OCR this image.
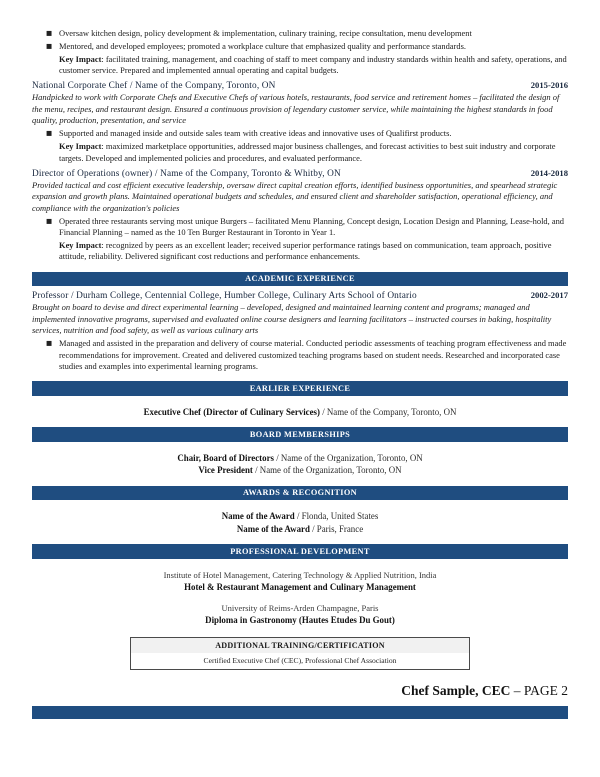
■ Oversaw kitchen design, policy development & implementation, culinary training, recipe consultation, menu development
■ Mentored, and developed employees; promoted a workplace culture that emphasized quality and performance standards.
Key Impact: facilitated training, management, and coaching of staff to meet company and industry standards within health and safety, operations, and customer service. Prepared and implemented annual operating and capital budgets.
National Corporate Chef / Name of the Company, Toronto, ON	2015-2016
Handpicked to work with Corporate Chefs and Executive Chefs of various hotels, restaurants, food service and retirement homes – facilitated the design of the menu, recipes, and restaurant design. Ensured a continuous provision of legendary customer service, while maintaining the highest standards in food quality, production, presentation, and service
■ Supported and managed inside and outside sales team with creative ideas and innovative uses of Qualifirst products.
Key Impact: maximized marketplace opportunities, addressed major business challenges, and forecast activities to best suit industry and corporate targets. Developed and implemented policies and procedures, and evaluated performance.
Director of Operations (owner) / Name of the Company, Toronto & Whitby, ON	2014-2018
Provided tactical and cost efficient executive leadership, oversaw direct capital creation efforts, identified business opportunities, and spearhead strategic expansion and growth plans. Maintained operational budgets and schedules, and ensured client and shareholder satisfaction, operational efficiency, and compliance with the organization's policies
■ Operated three restaurants serving most unique Burgers – facilitated Menu Planning, Concept design, Location Design and Planning, Lease-hold, and Financial Planning – named as the 10 Ten Burger Restaurant in Toronto in Year 1.
Key Impact: recognized by peers as an excellent leader; received superior performance ratings based on communication, team approach, positive attitude, reliability. Delivered significant cost reductions and performance enhancements.
ACADEMIC EXPERIENCE
Professor / Durham College, Centennial College, Humber College, Culinary Arts School of Ontario	2002-2017
Brought on board to devise and direct experimental learning – developed, designed and maintained learning content and programs; managed and implemented innovative programs, supervised and evaluated online course designers and learning facilitators – instructed courses in baking, hospitality services, nutrition and food safety, as well as various culinary arts
■ Managed and assisted in the preparation and delivery of course material. Conducted periodic assessments of teaching program effectiveness and made recommendations for improvement. Created and delivered customized teaching programs based on student needs. Researched and incorporated case studies and examples into experimental learning programs.
EARLIER EXPERIENCE
Executive Chef (Director of Culinary Services) / Name of the Company, Toronto, ON
BOARD MEMBERSHIPS
Chair, Board of Directors / Name of the Organization, Toronto, ON
Vice President / Name of the Organization, Toronto, ON
AWARDS & RECOGNITION
Name of the Award / Flonda, United States
Name of the Award / Paris, France
PROFESSIONAL DEVELOPMENT
Institute of Hotel Management, Catering Technology & Applied Nutrition, India
Hotel & Restaurant Management and Culinary Management
University of Reims-Arden Champagne, Paris
Diploma in Gastronomy (Hautes Etudes Du Gout)
ADDITIONAL TRAINING/CERTIFICATION
Certified Executive Chef (CEC), Professional Chef Association
Chef Sample, CEC – PAGE 2
